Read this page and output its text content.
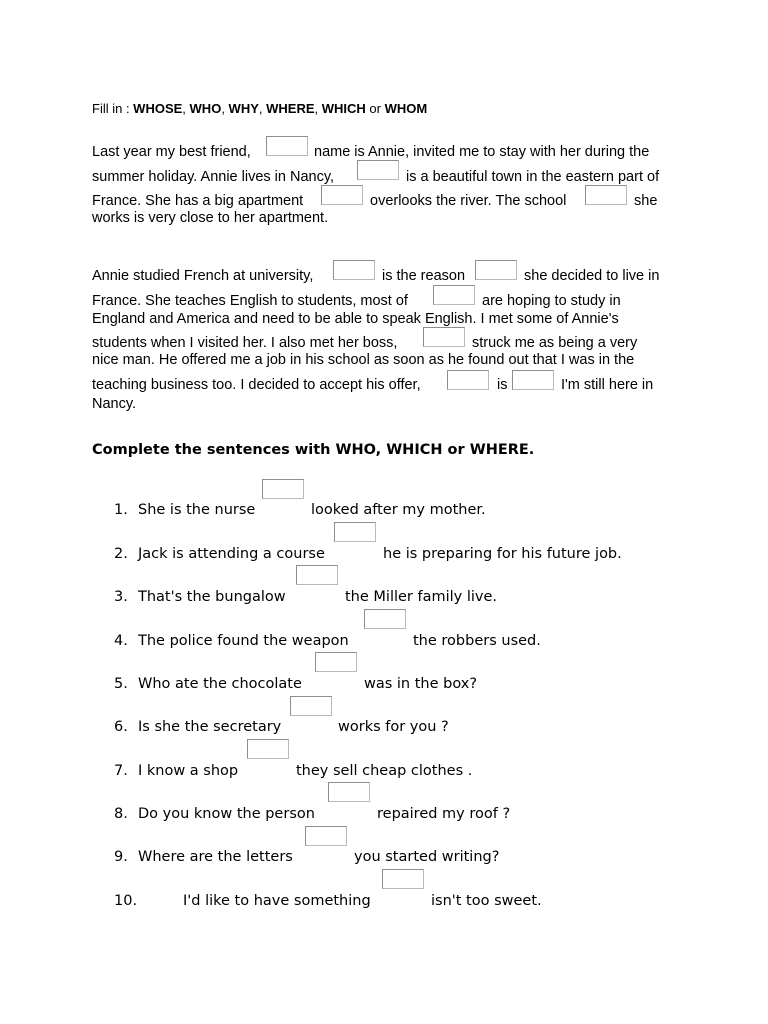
Fill in : WHOSE, WHO, WHY, WHERE, WHICH or WHOM
Last year my best friend,	name is Annie, invited me to stay with her during the
summer holiday. Annie lives in Nancy,	is a beautiful town in the eastern part of
France. She has a big apartment	overlooks the river. The school	she
works is very close to her apartment.
Annie studied French at university,	is the reason	she decided to live in
France. She teaches English to students, most of	are hoping to study in
England and America and need to be able to speak English. I met some of Annie's
students when I visited her. I also met her boss,	struck me as being a very
nice man. He offered me a job in his school as soon as he found out that I was in the
teaching business too. I decided to accept his offer,	is	I'm still here in
Nancy.
Complete the sentences with WHO, WHICH or WHERE.
1. She is the nurse	looked after my mother.
2. Jack is attending a course	he is preparing for his future job.
3. That's the bungalow	the Miller family live.
4. The police found the weapon	the robbers used.
5. Who ate the chocolate	was in the box?
6. Is she the secretary	works for you ?
7. I know a shop	they sell cheap clothes .
8. Do you know the person	repaired my roof ?
9. Where are the letters	you started writing?
10.	I'd like to have something	isn't too sweet.
